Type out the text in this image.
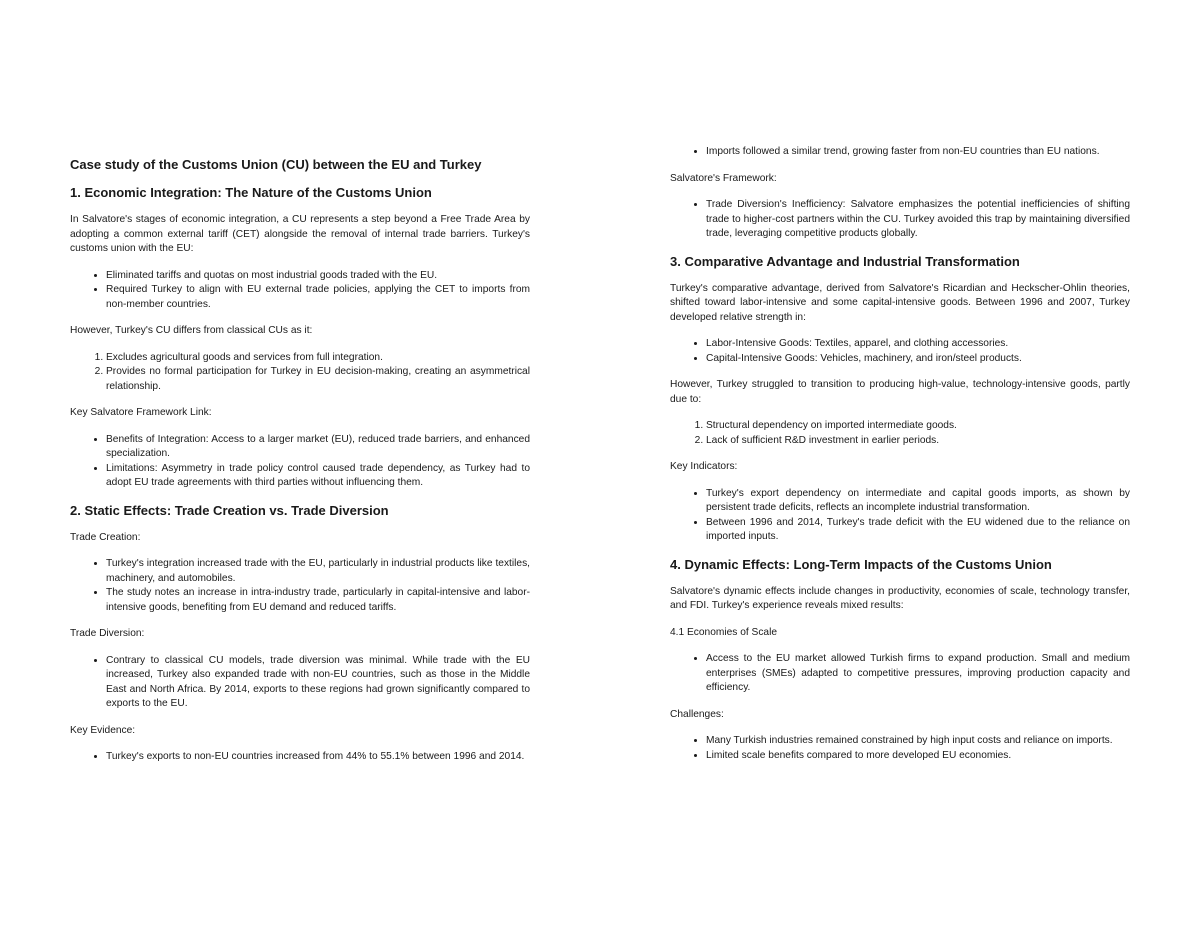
Case study of the Customs Union (CU) between the EU and Turkey
1. Economic Integration: The Nature of the Customs Union

In Salvatore's stages of economic integration, a CU represents a step beyond a Free Trade Area by adopting a common external tariff (CET) alongside the removal of internal trade barriers. Turkey's customs union with the EU:

• Eliminated tariffs and quotas on most industrial goods traded with the EU.
• Required Turkey to align with EU external trade policies, applying the CET to imports from non-member countries.

However, Turkey's CU differs from classical CUs as it:

1. Excludes agricultural goods and services from full integration.
2. Provides no formal participation for Turkey in EU decision-making, creating an asymmetrical relationship.

Key Salvatore Framework Link:

• Benefits of Integration: Access to a larger market (EU), reduced trade barriers, and enhanced specialization.
• Limitations: Asymmetry in trade policy control caused trade dependency, as Turkey had to adopt EU trade agreements with third parties without influencing them.
2. Static Effects: Trade Creation vs. Trade Diversion

Trade Creation:

• Turkey's integration increased trade with the EU, particularly in industrial products like textiles, machinery, and automobiles.
• The study notes an increase in intra-industry trade, particularly in capital-intensive and labor-intensive goods, benefiting from EU demand and reduced tariffs.

Trade Diversion:

• Contrary to classical CU models, trade diversion was minimal. While trade with the EU increased, Turkey also expanded trade with non-EU countries, such as those in the Middle East and North Africa. By 2014, exports to these regions had grown significantly compared to exports to the EU.

Key Evidence:

• Turkey's exports to non-EU countries increased from 44% to 55.1% between 1996 and 2014.
• Imports followed a similar trend, growing faster from non-EU countries than EU nations.

Salvatore's Framework:

• Trade Diversion's Inefficiency: Salvatore emphasizes the potential inefficiencies of shifting trade to higher-cost partners within the CU. Turkey avoided this trap by maintaining diversified trade, leveraging competitive products globally.
3. Comparative Advantage and Industrial Transformation

Turkey's comparative advantage, derived from Salvatore's Ricardian and Heckscher-Ohlin theories, shifted toward labor-intensive and some capital-intensive goods. Between 1996 and 2007, Turkey developed relative strength in:

• Labor-Intensive Goods: Textiles, apparel, and clothing accessories.
• Capital-Intensive Goods: Vehicles, machinery, and iron/steel products.

However, Turkey struggled to transition to producing high-value, technology-intensive goods, partly due to:

1. Structural dependency on imported intermediate goods.
2. Lack of sufficient R&D investment in earlier periods.

Key Indicators:

• Turkey's export dependency on intermediate and capital goods imports, as shown by persistent trade deficits, reflects an incomplete industrial transformation.
• Between 1996 and 2014, Turkey's trade deficit with the EU widened due to the reliance on imported inputs.
4. Dynamic Effects: Long-Term Impacts of the Customs Union

Salvatore's dynamic effects include changes in productivity, economies of scale, technology transfer, and FDI. Turkey's experience reveals mixed results:

4.1 Economies of Scale

• Access to the EU market allowed Turkish firms to expand production. Small and medium enterprises (SMEs) adapted to competitive pressures, improving production capacity and efficiency.

Challenges:

• Many Turkish industries remained constrained by high input costs and reliance on imports.
• Limited scale benefits compared to more developed EU economies.
